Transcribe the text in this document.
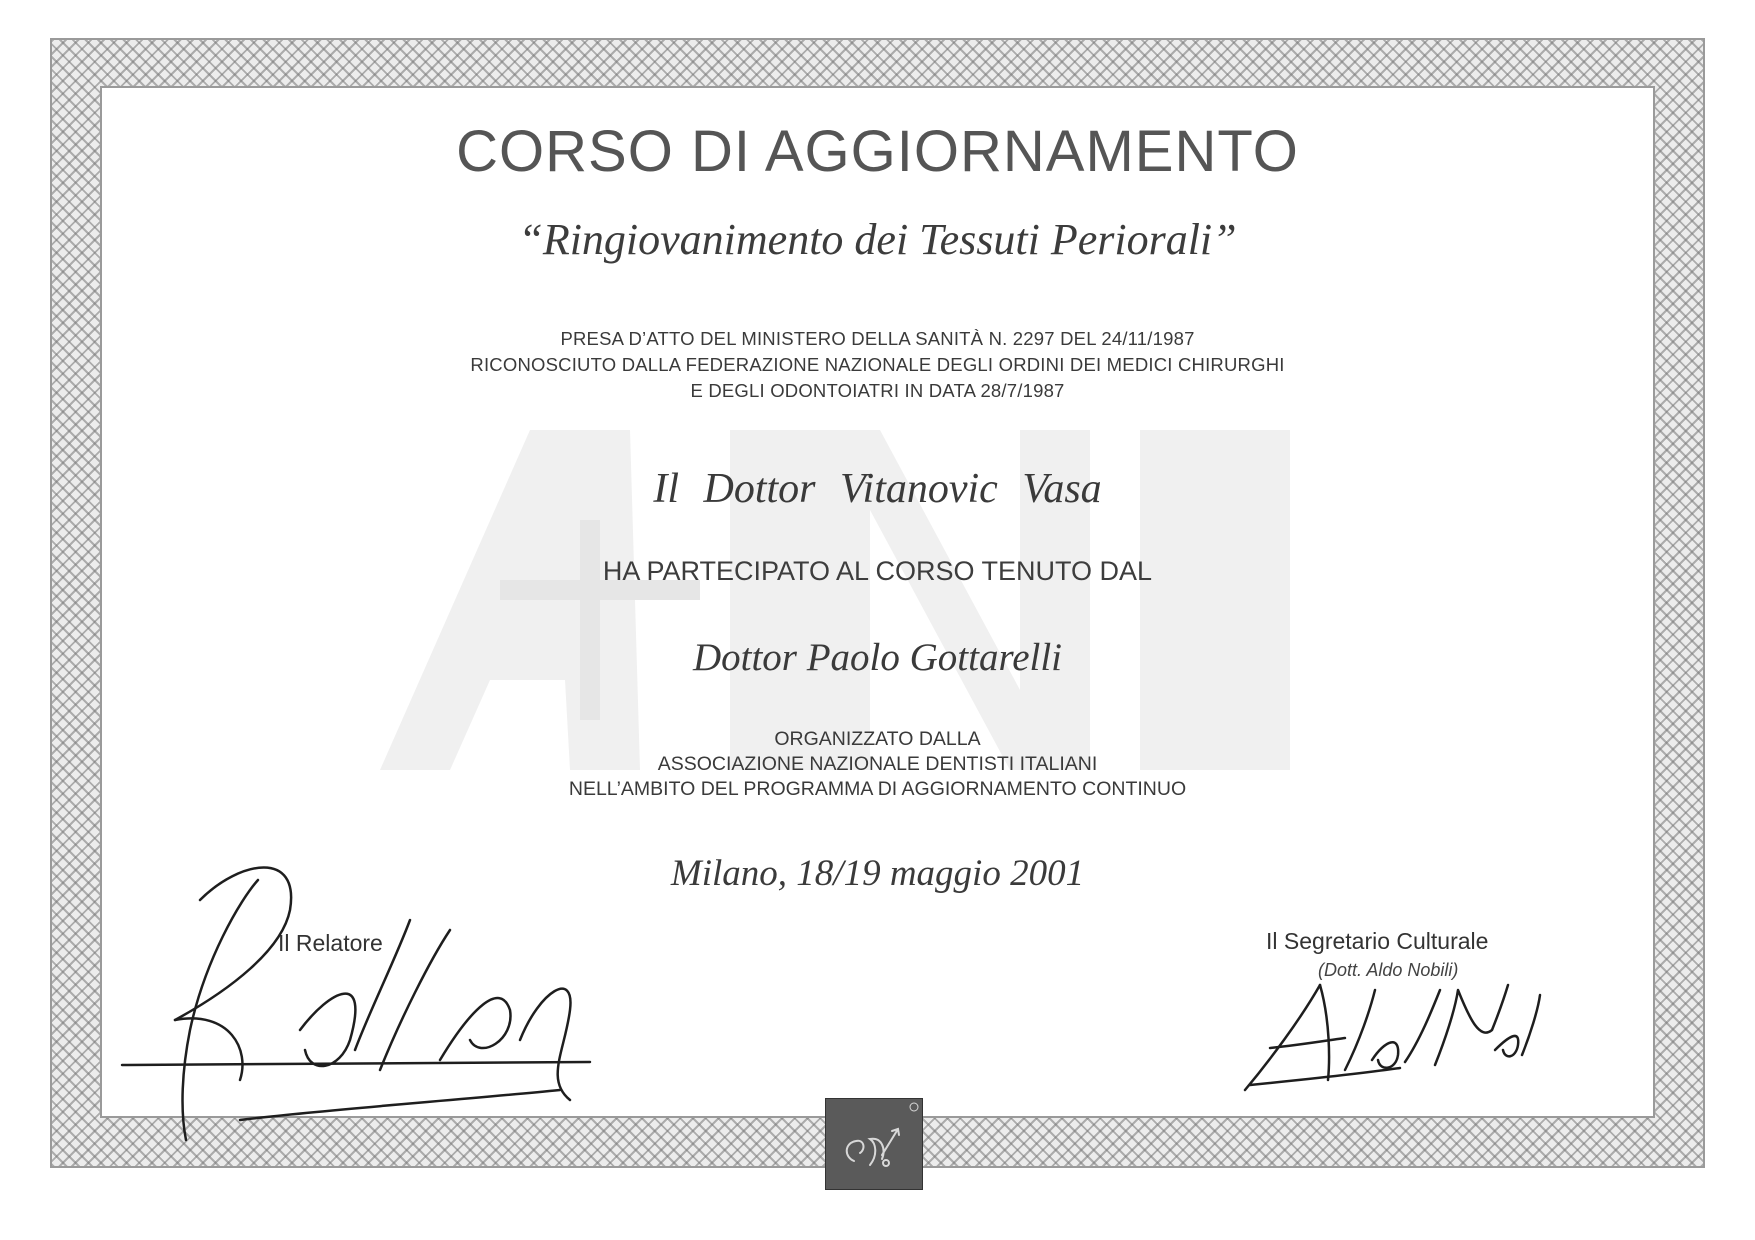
CORSO DI AGGIORNAMENTO
“Ringiovanimento dei Tessuti Periorali”
PRESA D’ATTO DEL MINISTERO DELLA SANITÀ N. 2297 DEL 24/11/1987
RICONOSCIUTO DALLA FEDERAZIONE NAZIONALE DEGLI ORDINI DEI MEDICI CHIRURGHI
E DEGLI ODONTOIATRI IN DATA 28/7/1987
Il Dottor Vitanovic Vasa
HA PARTECIPATO AL CORSO TENUTO DAL
Dottor Paolo Gottarelli
ORGANIZZATO DALLA
ASSOCIAZIONE NAZIONALE DENTISTI ITALIANI
NELL’AMBITO DEL PROGRAMMA DI AGGIORNAMENTO CONTINUO
Milano, 18/19 maggio 2001
Il Relatore	Il Segretario Culturale
(Dott. Aldo Nobili)
